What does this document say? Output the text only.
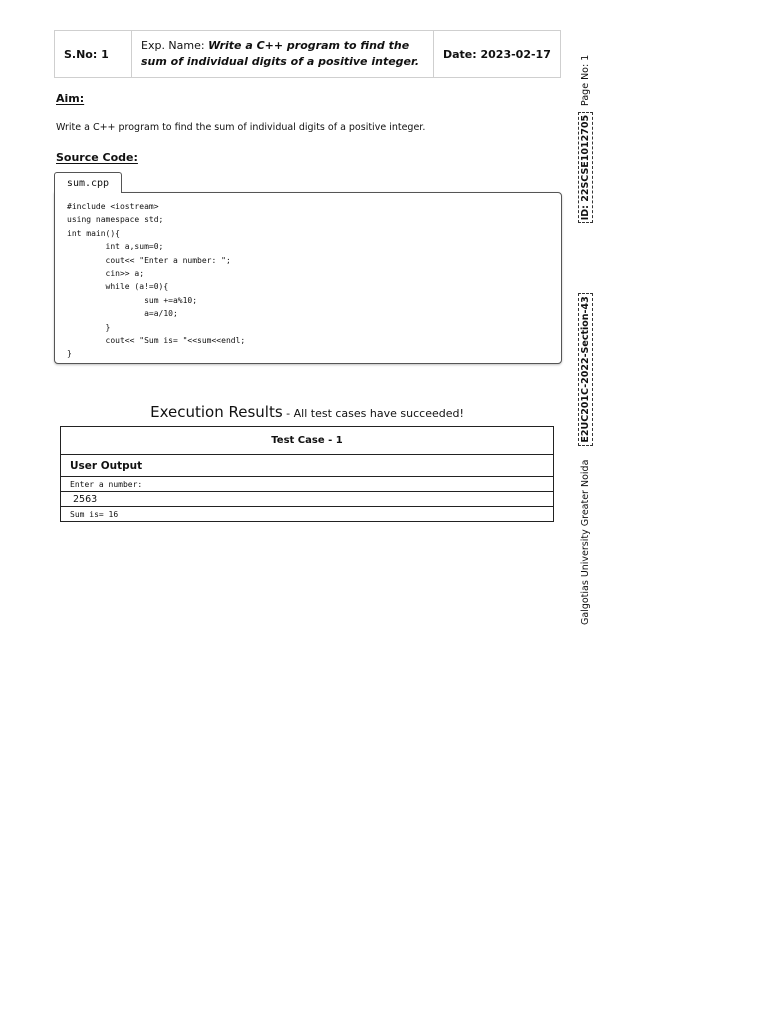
S.No: 1	Exp. Name: Write a C++ program to find the sum of individual digits of a positive integer.	Date: 2023-02-17
Aim:
Write a C++ program to find the sum of individual digits of a positive integer.
Source Code:
sum.cpp
#include <iostream>
using namespace std;
int main(){
	int a,sum=0;
	cout<< "Enter a number: ";
	cin>> a;
	while (a!=0){
		sum +=a%10;
		a=a/10;
	}
	cout<< "Sum is= "<<sum<<endl;
}
Execution Results - All test cases have succeeded!
Test Case - 1
User Output
Enter a number:
2563
Sum is= 16	Galgotias University Greater NoidaE2UC201C-2022-Section-43ID: 22SCSE1012705Page No: 1
